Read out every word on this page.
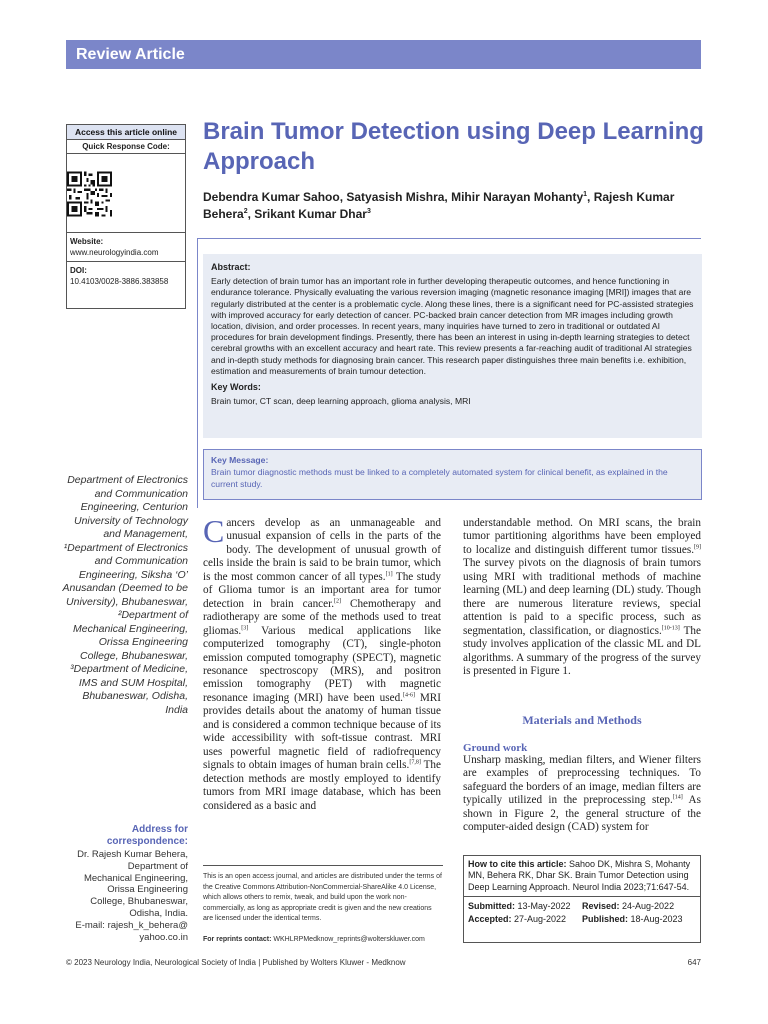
Review Article
Access this article online
Quick Response Code:
Website:
www.neurologyindia.com
DOI:
10.4103/0028-3886.383858
Brain Tumor Detection using Deep Learning Approach
Debendra Kumar Sahoo, Satyasish Mishra, Mihir Narayan Mohanty$^1$, Rajesh Kumar Behera$^2$, Srikant Kumar Dhar$^3$
Abstract:
Early detection of brain tumor has an important role in further developing therapeutic outcomes, and hence functioning in endurance tolerance. Physically evaluating the various reversion imaging (magnetic resonance imaging [MRI]) images that are regularly distributed at the center is a problematic cycle. Along these lines, there is a significant need for PC-assisted strategies with improved accuracy for early detection of cancer. PC-backed brain cancer detection from MR images including growth location, division, and order processes. In recent years, many inquiries have turned to zero in traditional or outdated AI procedures for brain development findings. Presently, there has been an interest in using in-depth learning strategies to detect cerebral growths with an excellent accuracy and heart rate. This review presents a far-reaching audit of traditional AI strategies and in-depth study methods for diagnosing brain cancer. This research paper distinguishes three main benefits i.e. exhibition, estimation and measurements of brain tumour detection.
Key Words:
Brain tumor, CT scan, deep learning approach, glioma analysis, MRI
Key Message:
Brain tumor diagnostic methods must be linked to a completely automated system for clinical benefit, as explained in the current study.
Department of Electronics and Communication Engineering, Centurion University of Technology and Management, ¹Department of Electronics and Communication Engineering, Siksha ‘O’ Anusandan (Deemed to be University), Bhubaneswar, ²Department of Mechanical Engineering, Orissa Engineering College, Bhubaneswar, ³Department of Medicine, IMS and SUM Hospital, Bhubaneswar, Odisha, India
Address for correspondence:
Dr. Rajesh Kumar Behera,
Department of
Mechanical Engineering,
Orissa Engineering
College, Bhubaneswar,
Odisha, India.
E-mail: rajesh_k_behera@
yahoo.co.in
Cancers develop as an unmanageable and unusual expansion of cells in the parts of the body. The development of unusual growth of cells inside the brain is said to be brain tumor, which is the most common cancer of all types.[1] The study of Glioma tumor is an important area for tumor detection in brain cancer.[2] Chemotherapy and radiotherapy are some of the methods used to treat gliomas.[3] Various medical applications like computerized tomography (CT), single-photon emission computed tomography (SPECT), magnetic resonance spectroscopy (MRS), and positron emission tomography (PET) with magnetic resonance imaging (MRI) have been used.[4-6] MRI provides details about the anatomy of human tissue and is considered a common technique because of its wide accessibility with soft-tissue contrast. MRI uses powerful magnetic field of radiofrequency signals to obtain images of human brain cells.[7,8] The detection methods are mostly employed to identify tumors from MRI image database, which has been considered as a basic and
understandable method. On MRI scans, the brain tumor partitioning algorithms have been employed to localize and distinguish different tumor tissues.[9] The survey pivots on the diagnosis of brain tumors using MRI with traditional methods of machine learning (ML) and deep learning (DL) study. Though there are numerous literature reviews, special attention is paid to a specific process, such as segmentation, classification, or diagnostics.[10-13] The study involves application of the classic ML and DL algorithms. A summary of the progress of the survey is presented in Figure 1.
Materials and Methods
Ground work
Unsharp masking, median filters, and Wiener filters are examples of preprocessing techniques. To safeguard the borders of an image, median filters are typically utilized in the preprocessing step.[14] As shown in Figure 2, the general structure of the computer-aided design (CAD) system for
This is an open access journal, and articles are distributed under the terms of the Creative Commons Attribution-NonCommercial-ShareAlike 4.0 License, which allows others to remix, tweak, and build upon the work non-commercially, as long as appropriate credit is given and the new creations are licensed under the identical terms.
For reprints contact: WKHLRPMedknow_reprints@wolterskluwer.com
How to cite this article: Sahoo DK, Mishra S, Mohanty MN, Behera RK, Dhar SK. Brain Tumor Detection using Deep Learning Approach. Neurol India 2023;71:647-54.
Submitted: 13-May-2022	Revised: 24-Aug-2022
Accepted: 27-Aug-2022	Published: 18-Aug-2023
© 2023 Neurology India, Neurological Society of India | Published by Wolters Kluwer - Medknow	647
